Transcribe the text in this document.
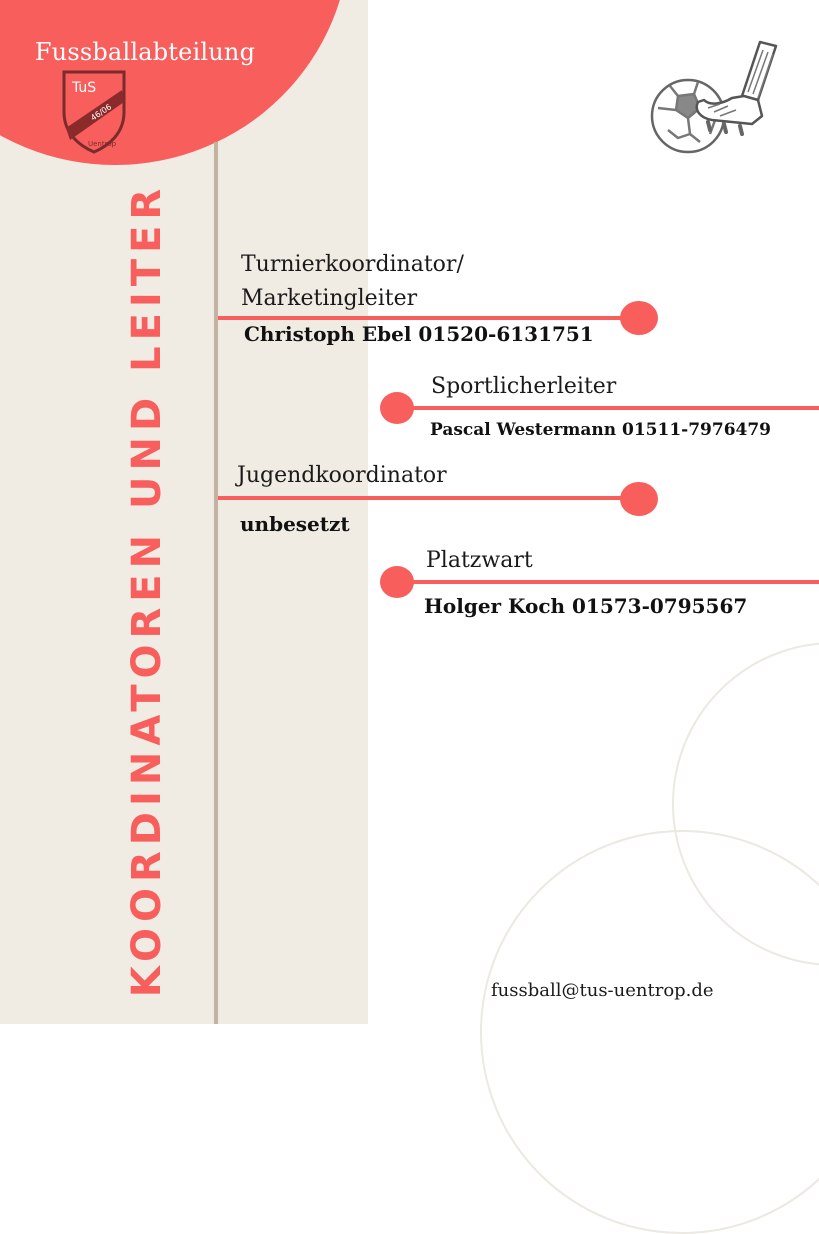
Fussballabteilung
TuS
46/06
Uentrop
KOORDINATOREN UND LEITER	Turnierkoordinator/
Marketingleiter
Christoph Ebel 01520-6131751
Sportlicherleiter
Pascal Westermann 01511-7976479
Jugendkoordinator
unbesetzt
Platzwart
Holger Koch 01573-0795567
fussball@tus-uentrop.de
